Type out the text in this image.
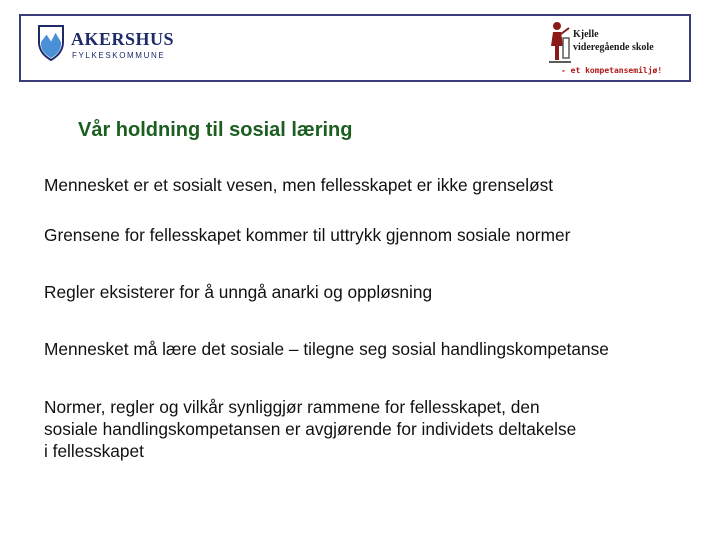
AKERSHUS
FYLKESKOMMUNE
Kjelle
videregående skole
- et kompetansemiljø!
Vår holdning til sosial læring

Mennesket er et sosialt vesen, men fellesskapet er ikke grenseløst

Grensene for fellesskapet kommer til uttrykk gjennom sosiale normer

Regler eksisterer for å unngå anarki og oppløsning

Mennesket må lære det sosiale – tilegne seg sosial handlingskompetanse

Normer, regler og vilkår synliggjør rammene for fellesskapet, den
sosiale handlingskompetansen er avgjørende for individets deltakelse
i fellesskapet
